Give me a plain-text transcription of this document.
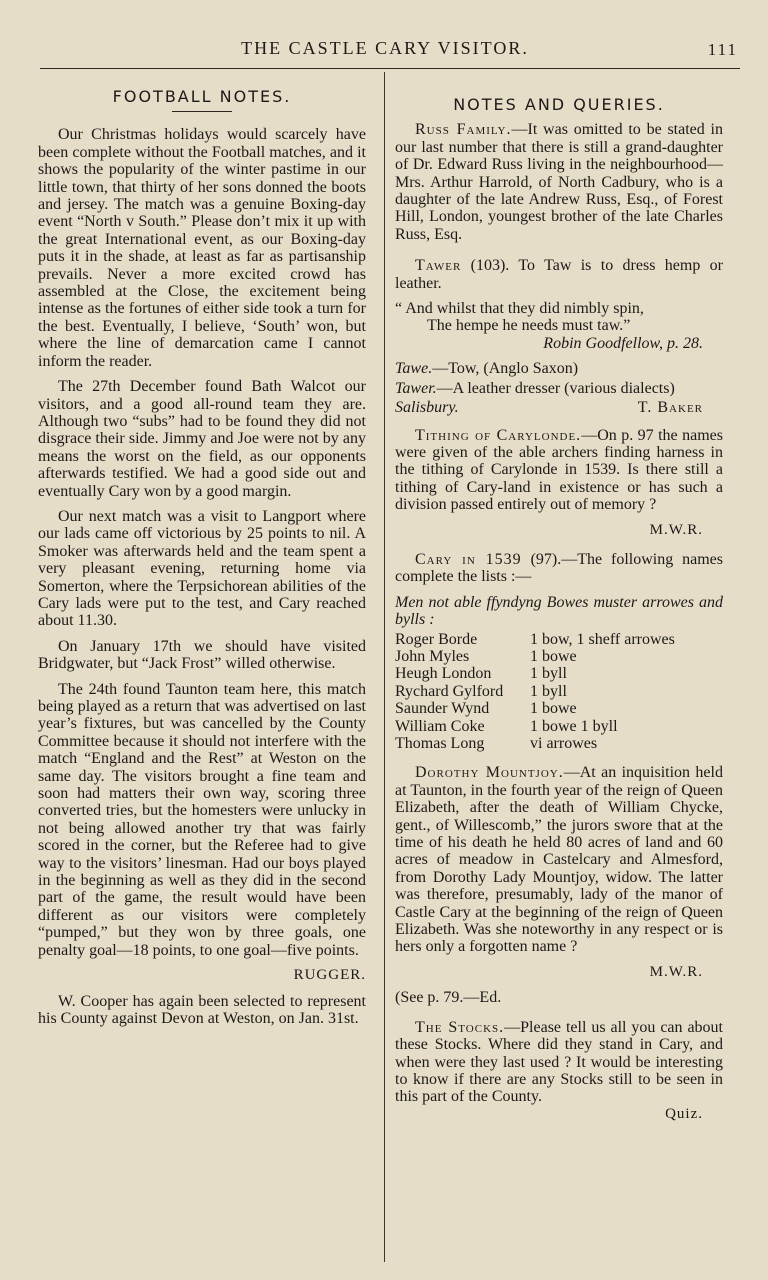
THE CASTLE CARY VISITOR.	111
FOOTBALL NOTES.

Our Christmas holidays would scarcely have been complete without the Football matches, and it shows the popularity of the winter pastime in our little town, that thirty of her sons donned the boots and jersey. The match was a genuine Boxing-day event “North v South.” Please don’t mix it up with the great International event, as our Boxing-day puts it in the shade, at least as far as partisanship prevails. Never a more excited crowd has assembled at the Close, the excitement being intense as the fortunes of either side took a turn for the best. Eventually, I believe, ‘South’ won, but where the line of demarcation came I cannot inform the reader.

The 27th December found Bath Walcot our visitors, and a good all-round team they are. Although two “subs” had to be found they did not disgrace their side. Jimmy and Joe were not by any means the worst on the field, as our opponents afterwards testified. We had a good side out and eventually Cary won by a good margin.

Our next match was a visit to Langport where our lads came off victorious by 25 points to nil. A Smoker was afterwards held and the team spent a very pleasant evening, returning home via Somerton, where the Terpsichorean abilities of the Cary lads were put to the test, and Cary reached about 11.30.

On January 17th we should have visited Bridgwater, but “Jack Frost” willed otherwise.

The 24th found Taunton team here, this match being played as a return that was advertised on last year’s fixtures, but was cancelled by the County Committee because it should not interfere with the match “England and the Rest” at Weston on the same day. The visitors brought a fine team and soon had matters their own way, scoring three converted tries, but the homesters were unlucky in not being allowed another try that was fairly scored in the corner, but the Referee had to give way to the visitors’ linesman. Had our boys played in the beginning as well as they did in the second part of the game, the result would have been different as our visitors were completely “pumped,” but they won by three goals, one penalty goal—18 points, to one goal—five points.

RUGGER.

W. Cooper has again been selected to represent his County against Devon at Weston, on Jan. 31st.

NOTES AND QUERIES.

Russ Family.—It was omitted to be stated in our last number that there is still a grand-daughter of Dr. Edward Russ living in the neighbourhood—Mrs. Arthur Harrold, of North Cadbury, who is a daughter of the late Andrew Russ, Esq., of Forest Hill, London, youngest brother of the late Charles Russ, Esq.

Tawer (103). To Taw is to dress hemp or leather.

“ And whilst that they did nimbly spin,
The hempe he needs must taw.”
Robin Goodfellow, p. 28.
Tawe.—Tow, (Anglo Saxon)
Tawer.—A leather dresser (various dialects)
Salisbury.	T. Baker

Tithing of Carylonde.—On p. 97 the names were given of the able archers finding harness in the tithing of Carylonde in 1539. Is there still a tithing of Cary-land in existence or has such a division passed entirely out of memory ?

M.W.R.

Cary in 1539 (97).—The following names complete the lists :—

Men not able ffyndyng Bowes muster arrowes and bylls :
Roger Borde	1 bow, 1 sheff arrowes
John Myles	1 bowe
Heugh London	1 byll
Rychard Gylford	1 byll
Saunder Wynd	1 bowe
William Coke	1 bowe 1 byll
Thomas Long	vi arrowes

Dorothy Mountjoy.—At an inquisition held at Taunton, in the fourth year of the reign of Queen Elizabeth, after the death of William Chycke, gent., of Willescomb,” the jurors swore that at the time of his death he held 80 acres of land and 60 acres of meadow in Castelcary and Almesford, from Dorothy Lady Mountjoy, widow. The latter was therefore, presumably, lady of the manor of Castle Cary at the beginning of the reign of Queen Elizabeth. Was she noteworthy in any respect or is hers only a forgotten name ?

M.W.R.

(See p. 79.—Ed.

The Stocks.—Please tell us all you can about these Stocks. Where did they stand in Cary, and when were they last used ? It would be interesting to know if there are any Stocks still to be seen in this part of the County.

Quiz.
